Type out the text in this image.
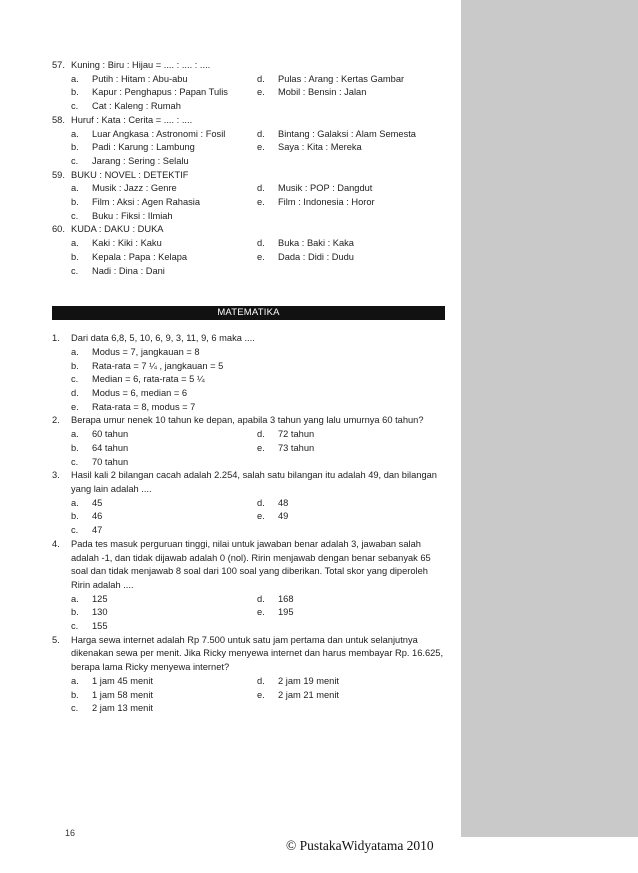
57. Kuning : Biru : Hijau = .... : .... : ....
a.	Putih : Hitam : Abu-abu	d.	Pulas : Arang : Kertas Gambar
b.	Kapur : Penghapus : Papan Tulis	e.	Mobil : Bensin : Jalan
c.	Cat : Kaleng : Rumah
58. Huruf : Kata : Cerita = .... : ....
a.	Luar Angkasa : Astronomi : Fosil	d.	Bintang : Galaksi : Alam Semesta
b.	Padi : Karung : Lambung	e.	Saya : Kita : Mereka
c.	Jarang : Sering : Selalu
59. BUKU : NOVEL : DETEKTIF
a.	Musik : Jazz : Genre	d.	Musik : POP : Dangdut
b.	Film : Aksi : Agen Rahasia	e.	Film : Indonesia : Horor
c.	Buku : Fiksi : Ilmiah
60. KUDA : DAKU : DUKA
a.	Kaki : Kiki : Kaku	d.	Buka : Baki : Kaka
b.	Kepala : Papa : Kelapa	e.	Dada : Didi : Dudu
c.	Nadi : Dina : Dani
MATEMATIKA
1.	Dari data 6,8, 5, 10, 6, 9, 3, 11, 9, 6 maka ....
a.	Modus = 7, jangkauan = 8
b.	Rata-rata = 7 ¼ , jangkauan = 5
c.	Median = 6, rata-rata = 5 ¼
d.	Modus = 6, median = 6
e.	Rata-rata = 8, modus = 7
2.	Berapa umur nenek 10 tahun ke depan, apabila 3 tahun yang lalu umurnya 60 tahun?
a.	60 tahun	d.	72 tahun
b.	64 tahun	e.	73 tahun
c.	70 tahun
3.	Hasil kali 2 bilangan cacah adalah 2.254, salah satu bilangan itu adalah 49, dan bilangan yang lain adalah ....
a.	45	d.	48
b.	46	e.	49
c.	47
4.	Pada tes masuk perguruan tinggi, nilai untuk jawaban benar adalah 3, jawaban salah adalah -1, dan tidak dijawab adalah 0 (nol). Ririn menjawab dengan benar sebanyak 65 soal dan tidak menjawab 8 soal dari 100 soal yang diberikan. Total skor yang diperoleh Ririn adalah ....
a.	125	d.	168
b.	130	e.	195
c.	155
5.	Harga sewa internet adalah Rp 7.500 untuk satu jam pertama dan untuk selanjutnya dikenakan sewa per menit. Jika Ricky menyewa internet dan harus membayar Rp. 16.625, berapa lama Ricky menyewa internet?
a.	1 jam 45 menit	d.	2 jam 19 menit
b.	1 jam 58 menit	e.	2 jam 21 menit
c.	2 jam 13 menit
16
© PustakaWidyatama 2010
